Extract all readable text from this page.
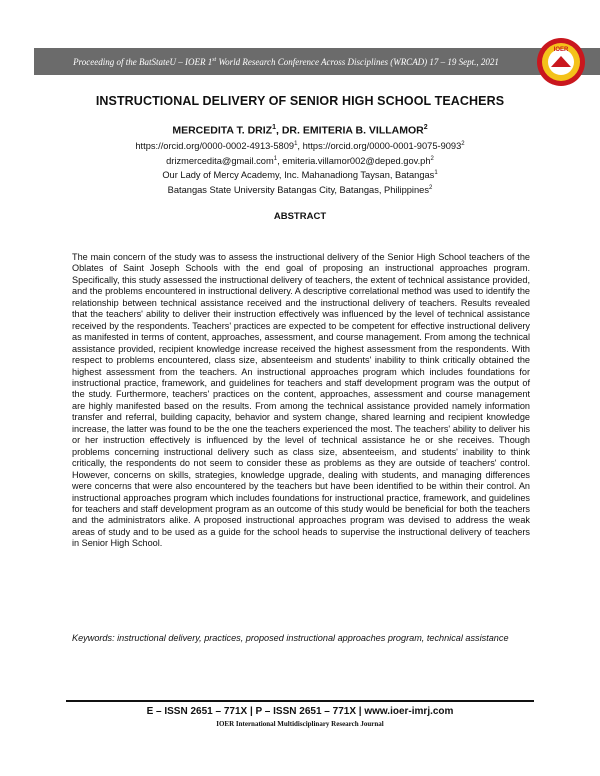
Proceeding of the BatStateU – IOER 1st World Research Conference Across Disciplines (WRCAD) 17 – 19 Sept., 2021
IOER
INSTRUCTIONAL DELIVERY OF SENIOR HIGH SCHOOL TEACHERS
MERCEDITA T. DRIZ$^1$, DR. EMITERIA B. VILLAMOR$^2$
https://orcid.org/0000-0002-4913-5809$^1$, https://orcid.org/0000-0001-9075-9093$^2$
drizmercedita@gmail.com$^1$, $emiteria.villamor002@deped.gov.ph^2$
Our Lady of Mercy Academy, Inc. Mahanadiong Taysan, Batangas$^1$
Batangas State University Batangas City, Batangas, Philippines$^2$
ABSTRACT
The main concern of the study was to assess the instructional delivery of the Senior High School teachers of the Oblates of Saint Joseph Schools with the end goal of proposing an instructional approaches program. Specifically, this study assessed the instructional delivery of teachers, the extent of technical assistance provided, and the problems encountered in instructional delivery. A descriptive correlational method was used to identify the relationship between technical assistance received and the instructional delivery of teachers. Results revealed that the teachers' ability to deliver their instruction effectively was influenced by the level of technical assistance received by the respondents. Teachers' practices are expected to be competent for effective instructional delivery as manifested in terms of content, approaches, assessment, and course management. From among the technical assistance provided, recipient knowledge increase received the highest assessment from the respondents. With respect to problems encountered, class size, absenteeism and students' inability to think critically obtained the highest assessment from the teachers. An instructional approaches program which includes foundations for instructional practice, framework, and guidelines for teachers and staff development program was the output of the study. Furthermore, teachers' practices on the content, approaches, assessment and course management are highly manifested based on the results. From among the technical assistance provided namely information transfer and referral, building capacity, behavior and system change, shared learning and recipient knowledge increase, the latter was found to be the one the teachers experienced the most. The teachers' ability to deliver his or her instruction effectively is influenced by the level of technical assistance he or she receives. Though problems concerning instructional delivery such as class size, absenteeism, and students' inability to think critically, the respondents do not seem to consider these as problems as they are outside of teachers' control. However, concerns on skills, strategies, knowledge upgrade, dealing with students, and managing differences were concerns that were also encountered by the teachers but have been identified to be within their control. An instructional approaches program which includes foundations for instructional practice, framework, and guidelines for teachers and staff development program as an outcome of this study would be beneficial for both the teachers and the administrators alike. A proposed instructional approaches program was devised to address the weak areas of study and to be used as a guide for the school heads to supervise the instructional delivery of teachers in Senior High School.
Keywords: instructional delivery, practices, proposed instructional approaches program, technical assistance
E – ISSN 2651 – 771X | P – ISSN 2651 – 771X | www.ioer-imrj.com
IOER International Multidisciplinary Research Journal
